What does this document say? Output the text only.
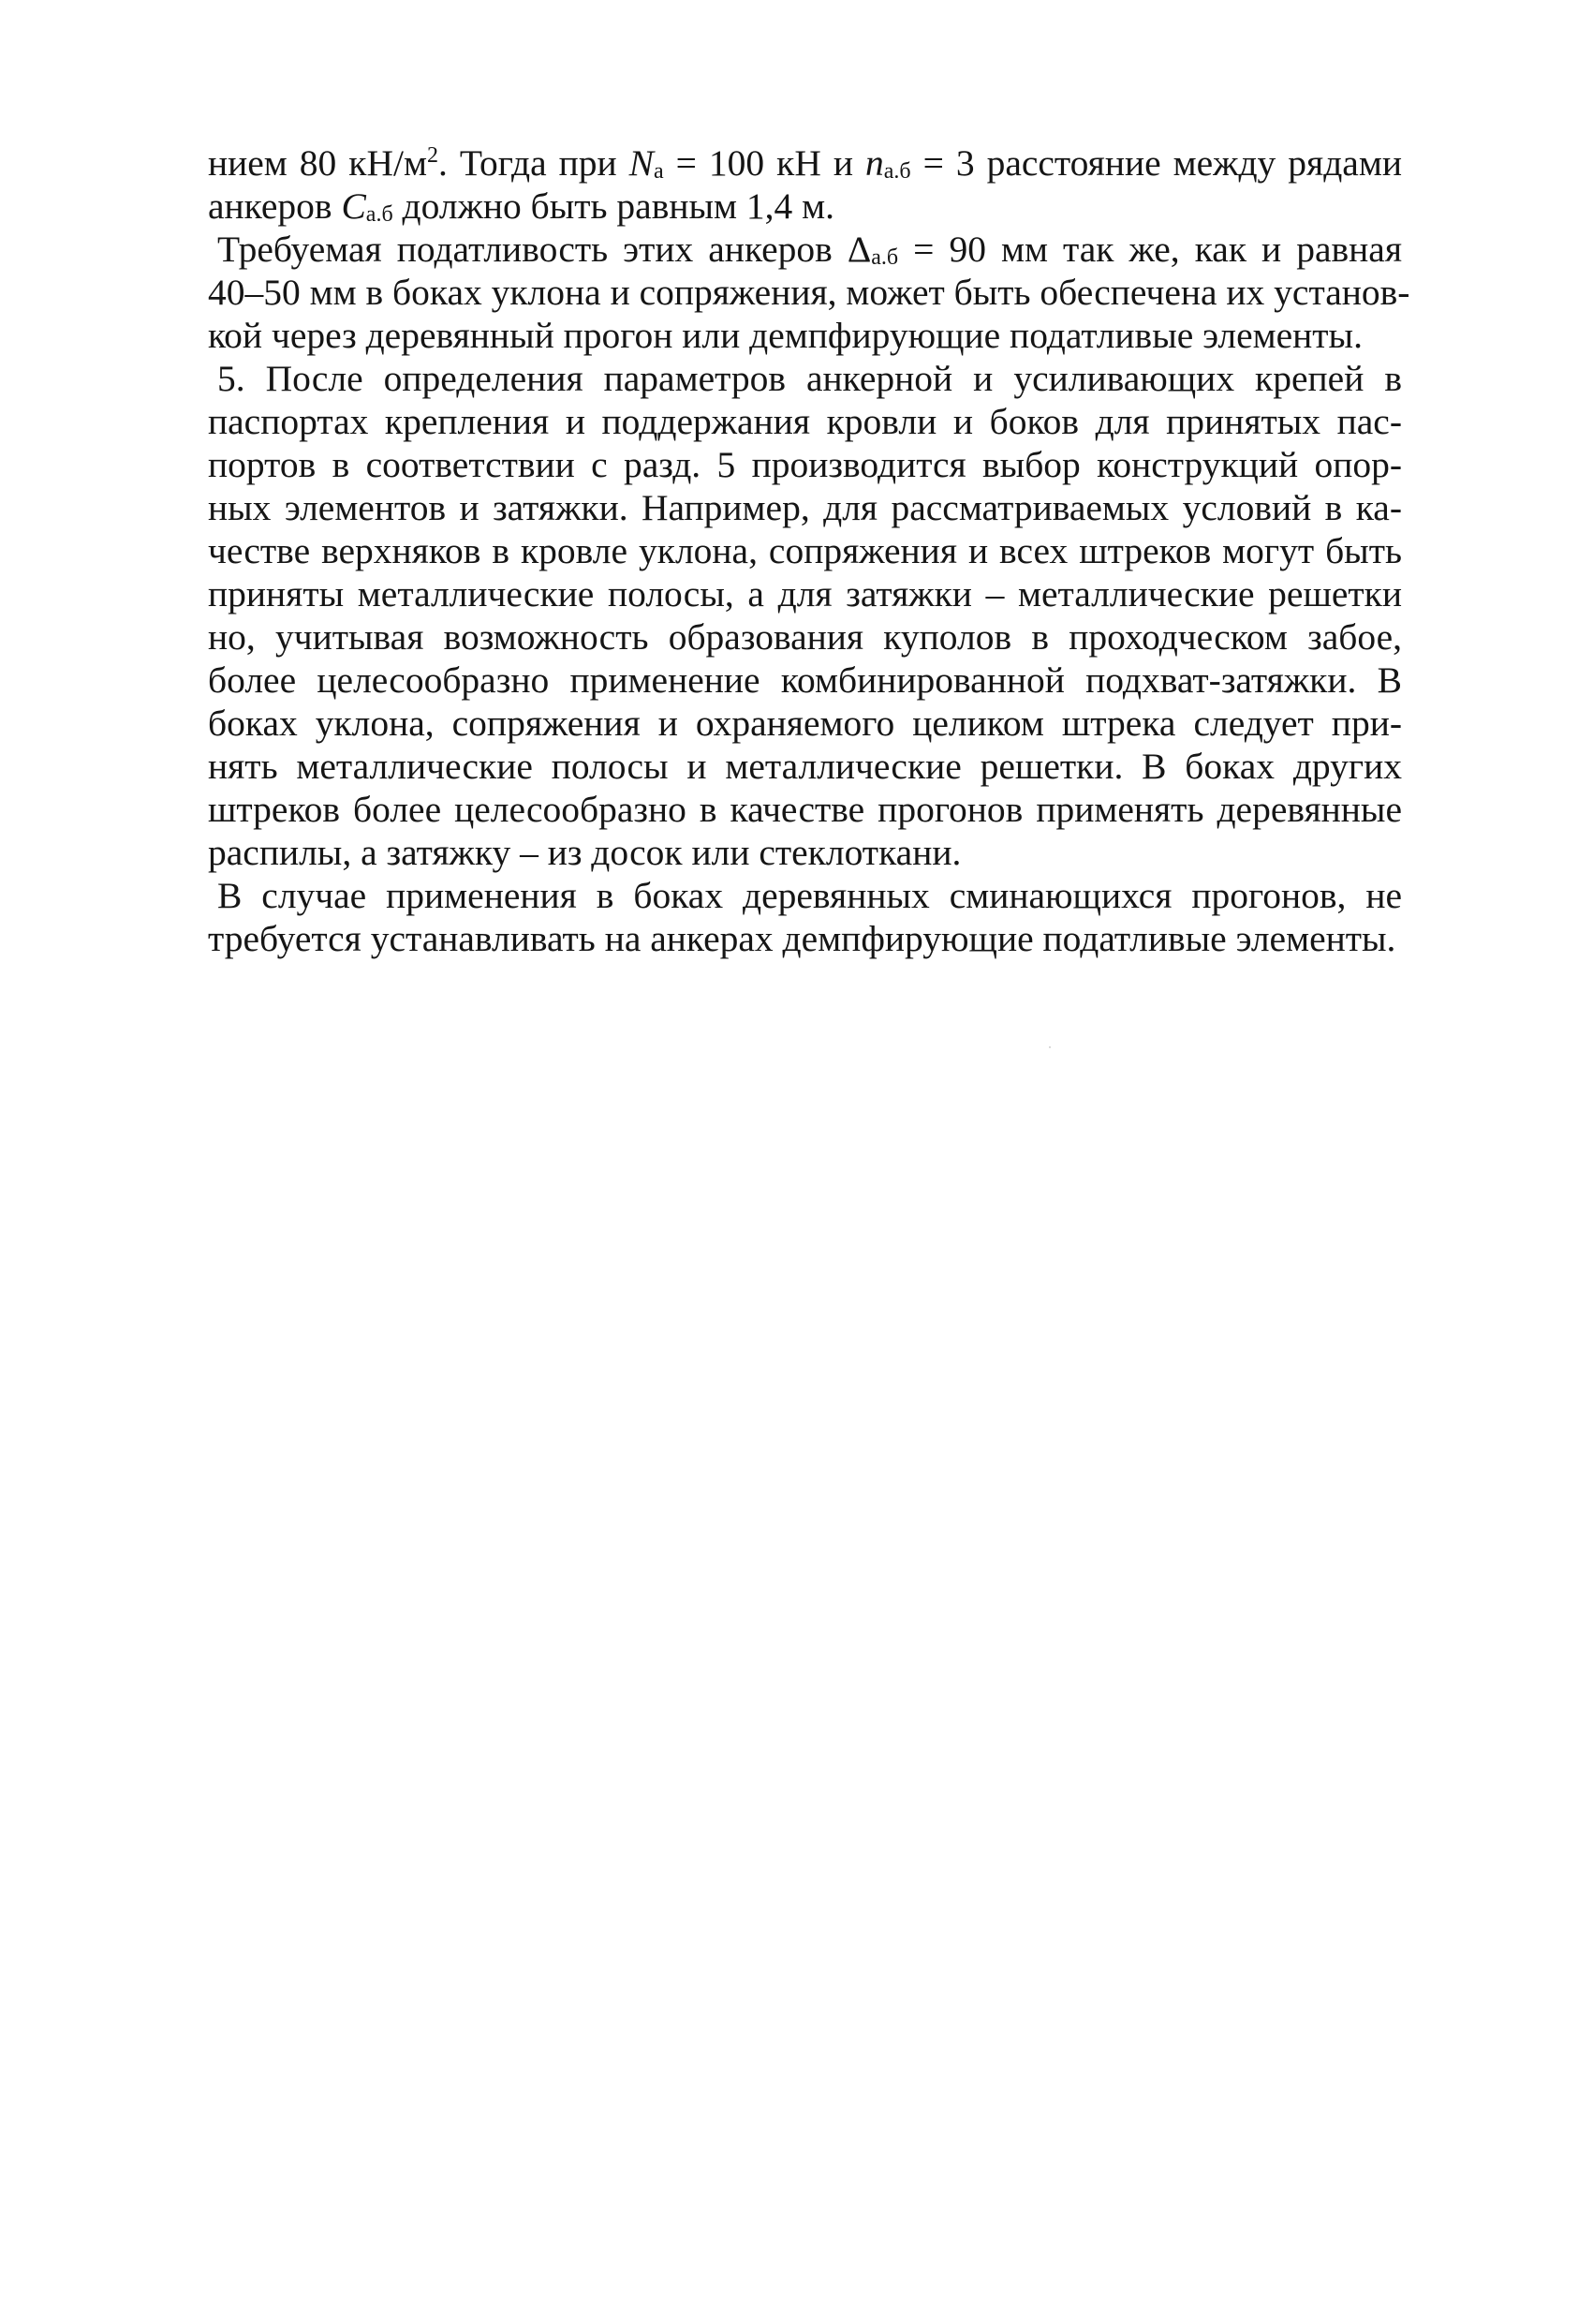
нием 80 $кН/м^2$. Тогда при $N_а = 100$ кН и $n_{а.б} = 3$ расстояние между рядами
анкеров $C_{а.б}$ должно быть равным 1,4 м.
Требуемая податливость этих анкеров $\Delta_{а.б} = 90$ мм так же, как и равная
40–50 мм в боках уклона и сопряжения, может быть обеспечена их установ-
кой через деревянный прогон или демпфирующие податливые элементы.
5. После определения параметров анкерной и усиливающих крепей в
паспортах крепления и поддержания кровли и боков для принятых пас-
портов в соответствии с разд. 5 производится выбор конструкций опор-
ных элементов и затяжки. Например, для рассматриваемых условий в ка-
честве верхняков в кровле уклона, сопряжения и всех штреков могут быть
приняты металлические полосы, а для затяжки – металлические решетки
но, учитывая возможность образования куполов в проходческом забое,
более целесообразно применение комбинированной подхват-затяжки. В
боках уклона, сопряжения и охраняемого целиком штрека следует при-
нять металлические полосы и металлические решетки. В боках других
штреков более целесообразно в качестве прогонов применять деревянные
распилы, а затяжку – из досок или стеклоткани.
В случае применения в боках деревянных сминающихся прогонов, не
требуется устанавливать на анкерах демпфирующие податливые элементы.
